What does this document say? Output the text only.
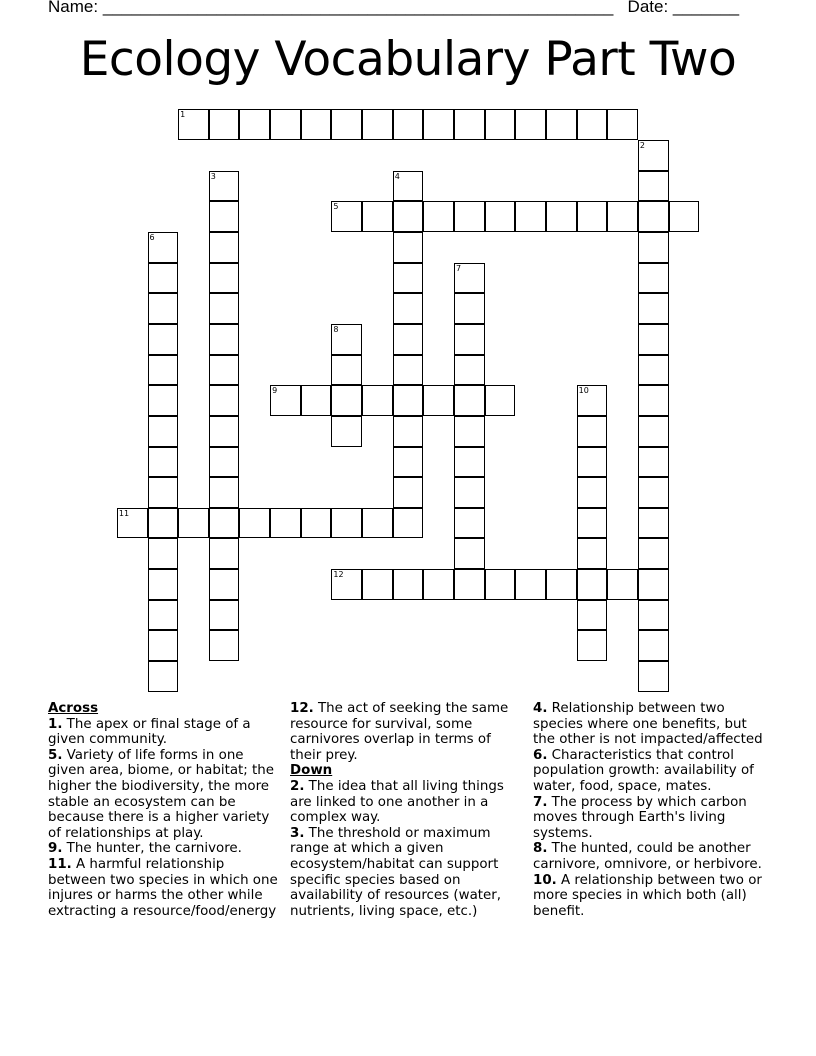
Name: ______________________________________________________ Date: _______
Ecology Vocabulary Part Two
1
2
3	4
5
6
7
8
9	10
11
12
Across

1. The apex or final stage of a given community.

5. Variety of life forms in one given area, biome, or habitat; the higher the biodiversity, the more stable an ecosystem can be because there is a higher variety of relationships at play.

9. The hunter, the carnivore.

11. A harmful relationship between two species in which one injures or harms the other while extracting a resource/food/energy

12. The act of seeking the same resource for survival, some carnivores overlap in terms of their prey.

Down

2. The idea that all living things are linked to one another in a complex way.

3. The threshold or maximum range at which a given ecosystem/habitat can support specific species based on availability of resources (water, nutrients, living space, etc.)

4. Relationship between two species where one benefits, but the other is not impacted/affected

6. Characteristics that control population growth: availability of water, food, space, mates.

7. The process by which carbon moves through Earth's living systems.

8. The hunted, could be another carnivore, omnivore, or herbivore.

10. A relationship between two or more species in which both (all) benefit.
